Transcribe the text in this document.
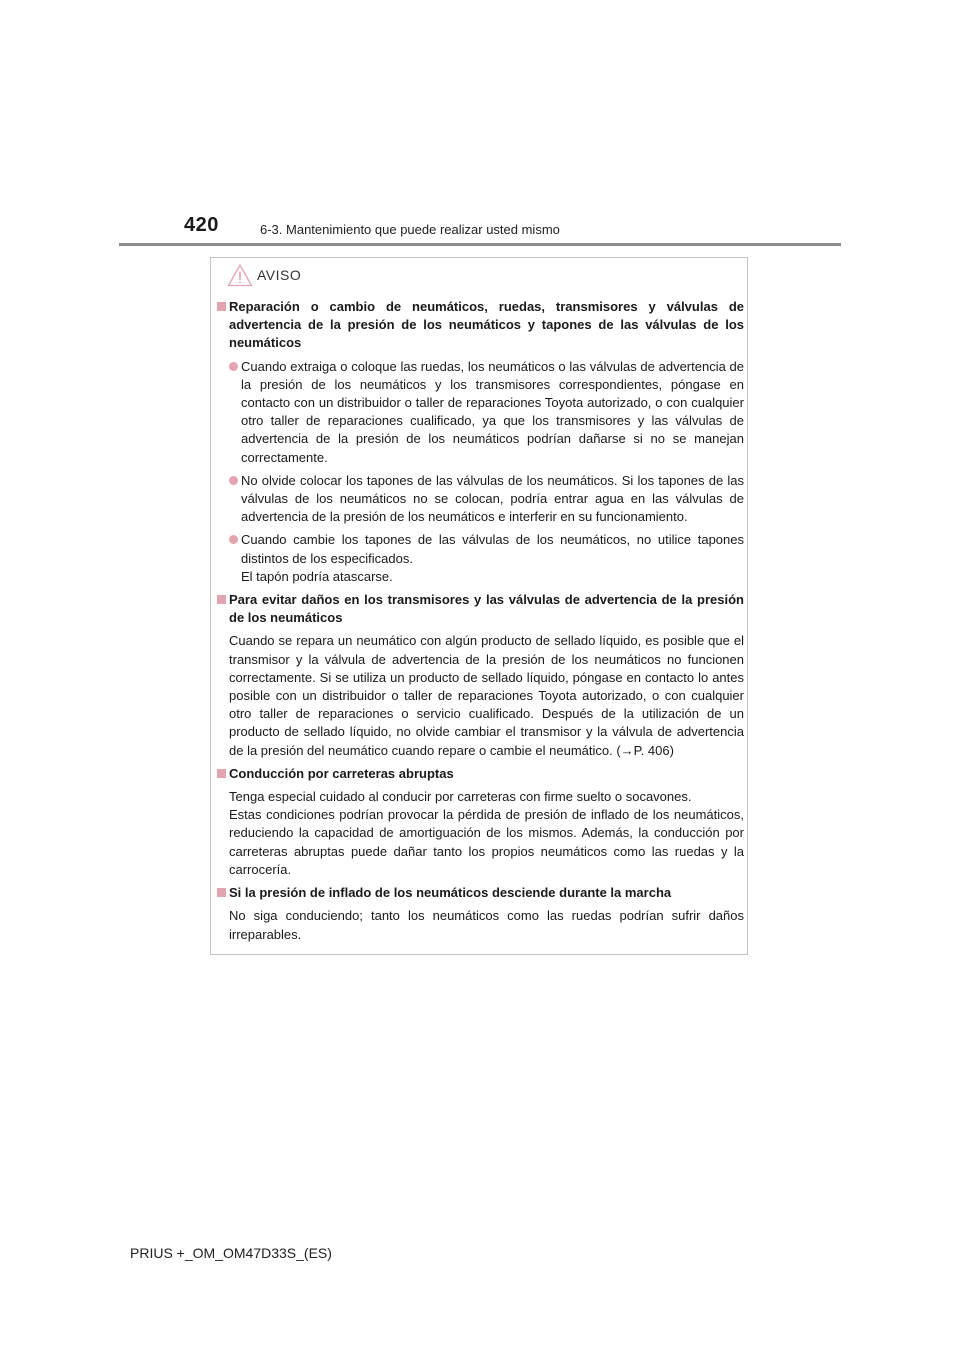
420	6-3. Mantenimiento que puede realizar usted mismo
AVISO
Reparación o cambio de neumáticos, ruedas, transmisores y válvulas de advertencia de la presión de los neumáticos y tapones de las válvulas de los neumáticos
Cuando extraiga o coloque las ruedas, los neumáticos o las válvulas de advertencia de la presión de los neumáticos y los transmisores correspondientes, póngase en contacto con un distribuidor o taller de reparaciones Toyota autorizado, o con cualquier otro taller de reparaciones cualificado, ya que los transmisores y las válvulas de advertencia de la presión de los neumáticos podrían dañarse si no se manejan correctamente.
No olvide colocar los tapones de las válvulas de los neumáticos. Si los tapones de las válvulas de los neumáticos no se colocan, podría entrar agua en las válvulas de advertencia de la presión de los neumáticos e interferir en su funcionamiento.
Cuando cambie los tapones de las válvulas de los neumáticos, no utilice tapones distintos de los especificados.
El tapón podría atascarse.
Para evitar daños en los transmisores y las válvulas de advertencia de la presión de los neumáticos
Cuando se repara un neumático con algún producto de sellado líquido, es posible que el transmisor y la válvula de advertencia de la presión de los neumáticos no funcionen correctamente. Si se utiliza un producto de sellado líquido, póngase en contacto lo antes posible con un distribuidor o taller de reparaciones Toyota autorizado, o con cualquier otro taller de reparaciones o servicio cualificado. Después de la utilización de un producto de sellado líquido, no olvide cambiar el transmisor y la válvula de advertencia de la presión del neumático cuando repare o cambie el neumático. (→P. 406)
Conducción por carreteras abruptas
Tenga especial cuidado al conducir por carreteras con firme suelto o socavones.
Estas condiciones podrían provocar la pérdida de presión de inflado de los neumáticos, reduciendo la capacidad de amortiguación de los mismos. Además, la conducción por carreteras abruptas puede dañar tanto los propios neumáticos como las ruedas y la carrocería.
Si la presión de inflado de los neumáticos desciende durante la marcha
No siga conduciendo; tanto los neumáticos como las ruedas podrían sufrir daños irreparables.
PRIUS +_OM_OM47D33S_(ES)
